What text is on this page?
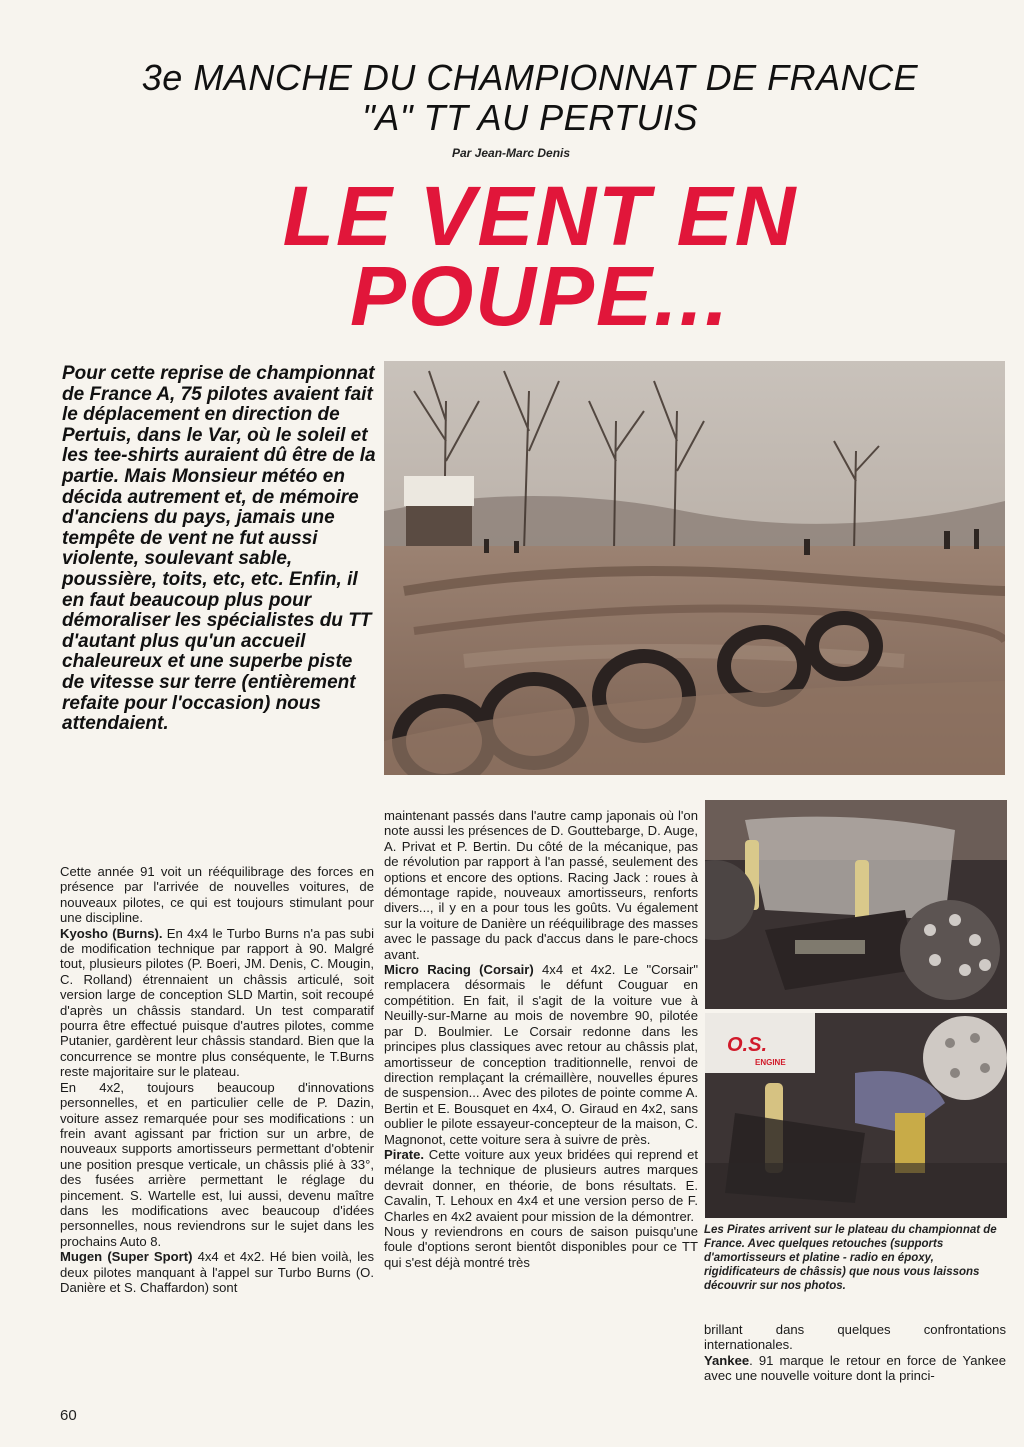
3e MANCHE DU CHAMPIONNAT DE FRANCE
"A" TT AU PERTUIS
Par Jean-Marc Denis
LE VENT EN
POUPE...
Pour cette reprise de championnat de France A, 75 pilotes avaient fait le déplacement en direction de Pertuis, dans le Var, où le soleil et les tee-shirts auraient dû être de la partie. Mais Monsieur météo en décida autrement et, de mémoire d'anciens du pays, jamais une tempête de vent ne fut aussi violente, soulevant sable, poussière, toits, etc, etc. Enfin, il en faut beaucoup plus pour démoraliser les spécialistes du TT d'autant plus qu'un accueil chaleureux et une superbe piste de vitesse sur terre (entièrement refaite pour l'occasion) nous attendaient.
O.S.
ENGINE

Cette année 91 voit un rééquilibrage des forces en présence par l'arrivée de nouvelles voitures, de nouveaux pilotes, ce qui est toujours stimulant pour une discipline.

Kyosho (Burns). En 4x4 le Turbo Burns n'a pas subi de modification technique par rapport à 90. Malgré tout, plusieurs pilotes (P. Boeri, JM. Denis, C. Mougin, C. Rolland) étrennaient un châssis articulé, soit version large de conception SLD Martin, soit recoupé d'après un châssis standard. Un test comparatif pourra être effectué puisque d'autres pilotes, comme Putanier, gardèrent leur châssis standard. Bien que la concurrence se montre plus conséquente, le T.Burns reste majoritaire sur le plateau.

En 4x2, toujours beaucoup d'innovations personnelles, et en particulier celle de P. Dazin, voiture assez remarquée pour ses modifications : un frein avant agissant par friction sur un arbre, de nouveaux supports amortisseurs permettant d'obtenir une position presque verticale, un châssis plié à 33°, des fusées arrière permettant le réglage du pincement. S. Wartelle est, lui aussi, devenu maître dans les modifications avec beaucoup d'idées personnelles, nous reviendrons sur le sujet dans les prochains Auto 8.

Mugen (Super Sport) 4x4 et 4x2. Hé bien voilà, les deux pilotes manquant à l'appel sur Turbo Burns (O. Danière et S. Chaffardon) sont

maintenant passés dans l'autre camp japonais où l'on note aussi les présences de D. Gouttebarge, D. Auge, A. Privat et P. Bertin. Du côté de la mécanique, pas de révolution par rapport à l'an passé, seulement des options et encore des options. Racing Jack : roues à démontage rapide, nouveaux amortisseurs, renforts divers..., il y en a pour tous les goûts. Vu également sur la voiture de Danière un rééquilibrage des masses avec le passage du pack d'accus dans le pare-chocs avant.

Micro Racing (Corsair) 4x4 et 4x2. Le "Corsair" remplacera désormais le défunt Couguar en compétition. En fait, il s'agit de la voiture vue à Neuilly-sur-Marne au mois de novembre 90, pilotée par D. Boulmier. Le Corsair redonne dans les principes plus classiques avec retour au châssis plat, amortisseur de conception traditionnelle, renvoi de direction remplaçant la crémaillère, nouvelles épures de suspension... Avec des pilotes de pointe comme A. Bertin et E. Bousquet en 4x4, O. Giraud en 4x2, sans oublier le pilote essayeur-concepteur de la maison, C. Magnonot, cette voiture sera à suivre de près.

Pirate. Cette voiture aux yeux bridées qui reprend et mélange la technique de plusieurs autres marques devrait donner, en théorie, de bons résultats. E. Cavalin, T. Lehoux en 4x4 et une version perso de F. Charles en 4x2 avaient pour mission de la démontrer.

Nous y reviendrons en cours de saison puisqu'une foule d'options seront bientôt disponibles pour ce TT qui s'est déjà montré très

Les Pirates arrivent sur le plateau du championnat de France. Avec quelques retouches (supports d'amortisseurs et platine - radio en époxy, rigidificateurs de châssis) que nous vous laissons découvrir sur nos photos.

brillant dans quelques confrontations internationales.

Yankee. 91 marque le retour en force de Yankee avec une nouvelle voiture dont la princi-

60
